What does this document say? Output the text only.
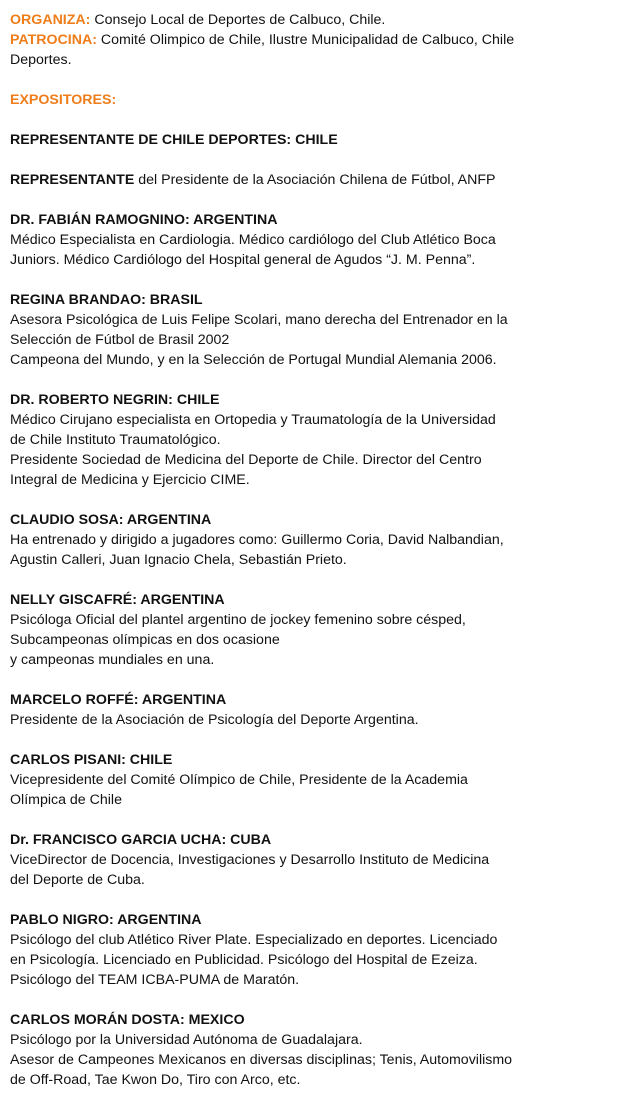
ORGANIZA: Consejo Local de Deportes de Calbuco, Chile.

PATROCINA: Comité Olimpico de Chile, Ilustre Municipalidad de Calbuco, Chile

Deportes.

EXPOSITORES:

REPRESENTANTE DE CHILE DEPORTES: CHILE

REPRESENTANTE del Presidente de la Asociación Chilena de Fútbol, ANFP

DR. FABIÁN RAMOGNINO: ARGENTINA

Médico Especialista en Cardiologia. Médico cardiólogo del Club Atlético Boca

Juniors. Médico Cardiólogo del Hospital general de Agudos “J. M. Penna”.

REGINA BRANDAO: BRASIL

Asesora Psicológica de Luis Felipe Scolari, mano derecha del Entrenador en la

Selección de Fútbol de Brasil 2002

Campeona del Mundo, y en la Selección de Portugal Mundial Alemania 2006.

DR. ROBERTO NEGRIN: CHILE

Médico Cirujano especialista en Ortopedia y Traumatología de la Universidad

de Chile Instituto Traumatológico.

Presidente Sociedad de Medicina del Deporte de Chile. Director del Centro

Integral de Medicina y Ejercicio CIME.

CLAUDIO SOSA: ARGENTINA

Ha entrenado y dirigido a jugadores como: Guillermo Coria, David Nalbandian,

Agustin Calleri, Juan Ignacio Chela, Sebastián Prieto.

NELLY GISCAFRÉ: ARGENTINA

Psicóloga Oficial del plantel argentino de jockey femenino sobre césped,

Subcampeonas olímpicas en dos ocasione

y campeonas mundiales en una.

MARCELO ROFFÉ: ARGENTINA

Presidente de la Asociación de Psicología del Deporte Argentina.

CARLOS PISANI: CHILE

Vicepresidente del Comité Olímpico de Chile, Presidente de la Academia

Olímpica de Chile

Dr. FRANCISCO GARCIA UCHA: CUBA

ViceDirector de Docencia, Investigaciones y Desarrollo Instituto de Medicina

del Deporte de Cuba.

PABLO NIGRO: ARGENTINA

Psicólogo del club Atlético River Plate. Especializado en deportes. Licenciado

en Psicología. Licenciado en Publicidad. Psicólogo del Hospital de Ezeiza.

Psicólogo del TEAM ICBA-PUMA de Maratón.

CARLOS MORÁN DOSTA: MEXICO

Psicólogo por la Universidad Autónoma de Guadalajara.

Asesor de Campeones Mexicanos en diversas disciplinas; Tenis, Automovilismo

de Off-Road, Tae Kwon Do, Tiro con Arco, etc.
